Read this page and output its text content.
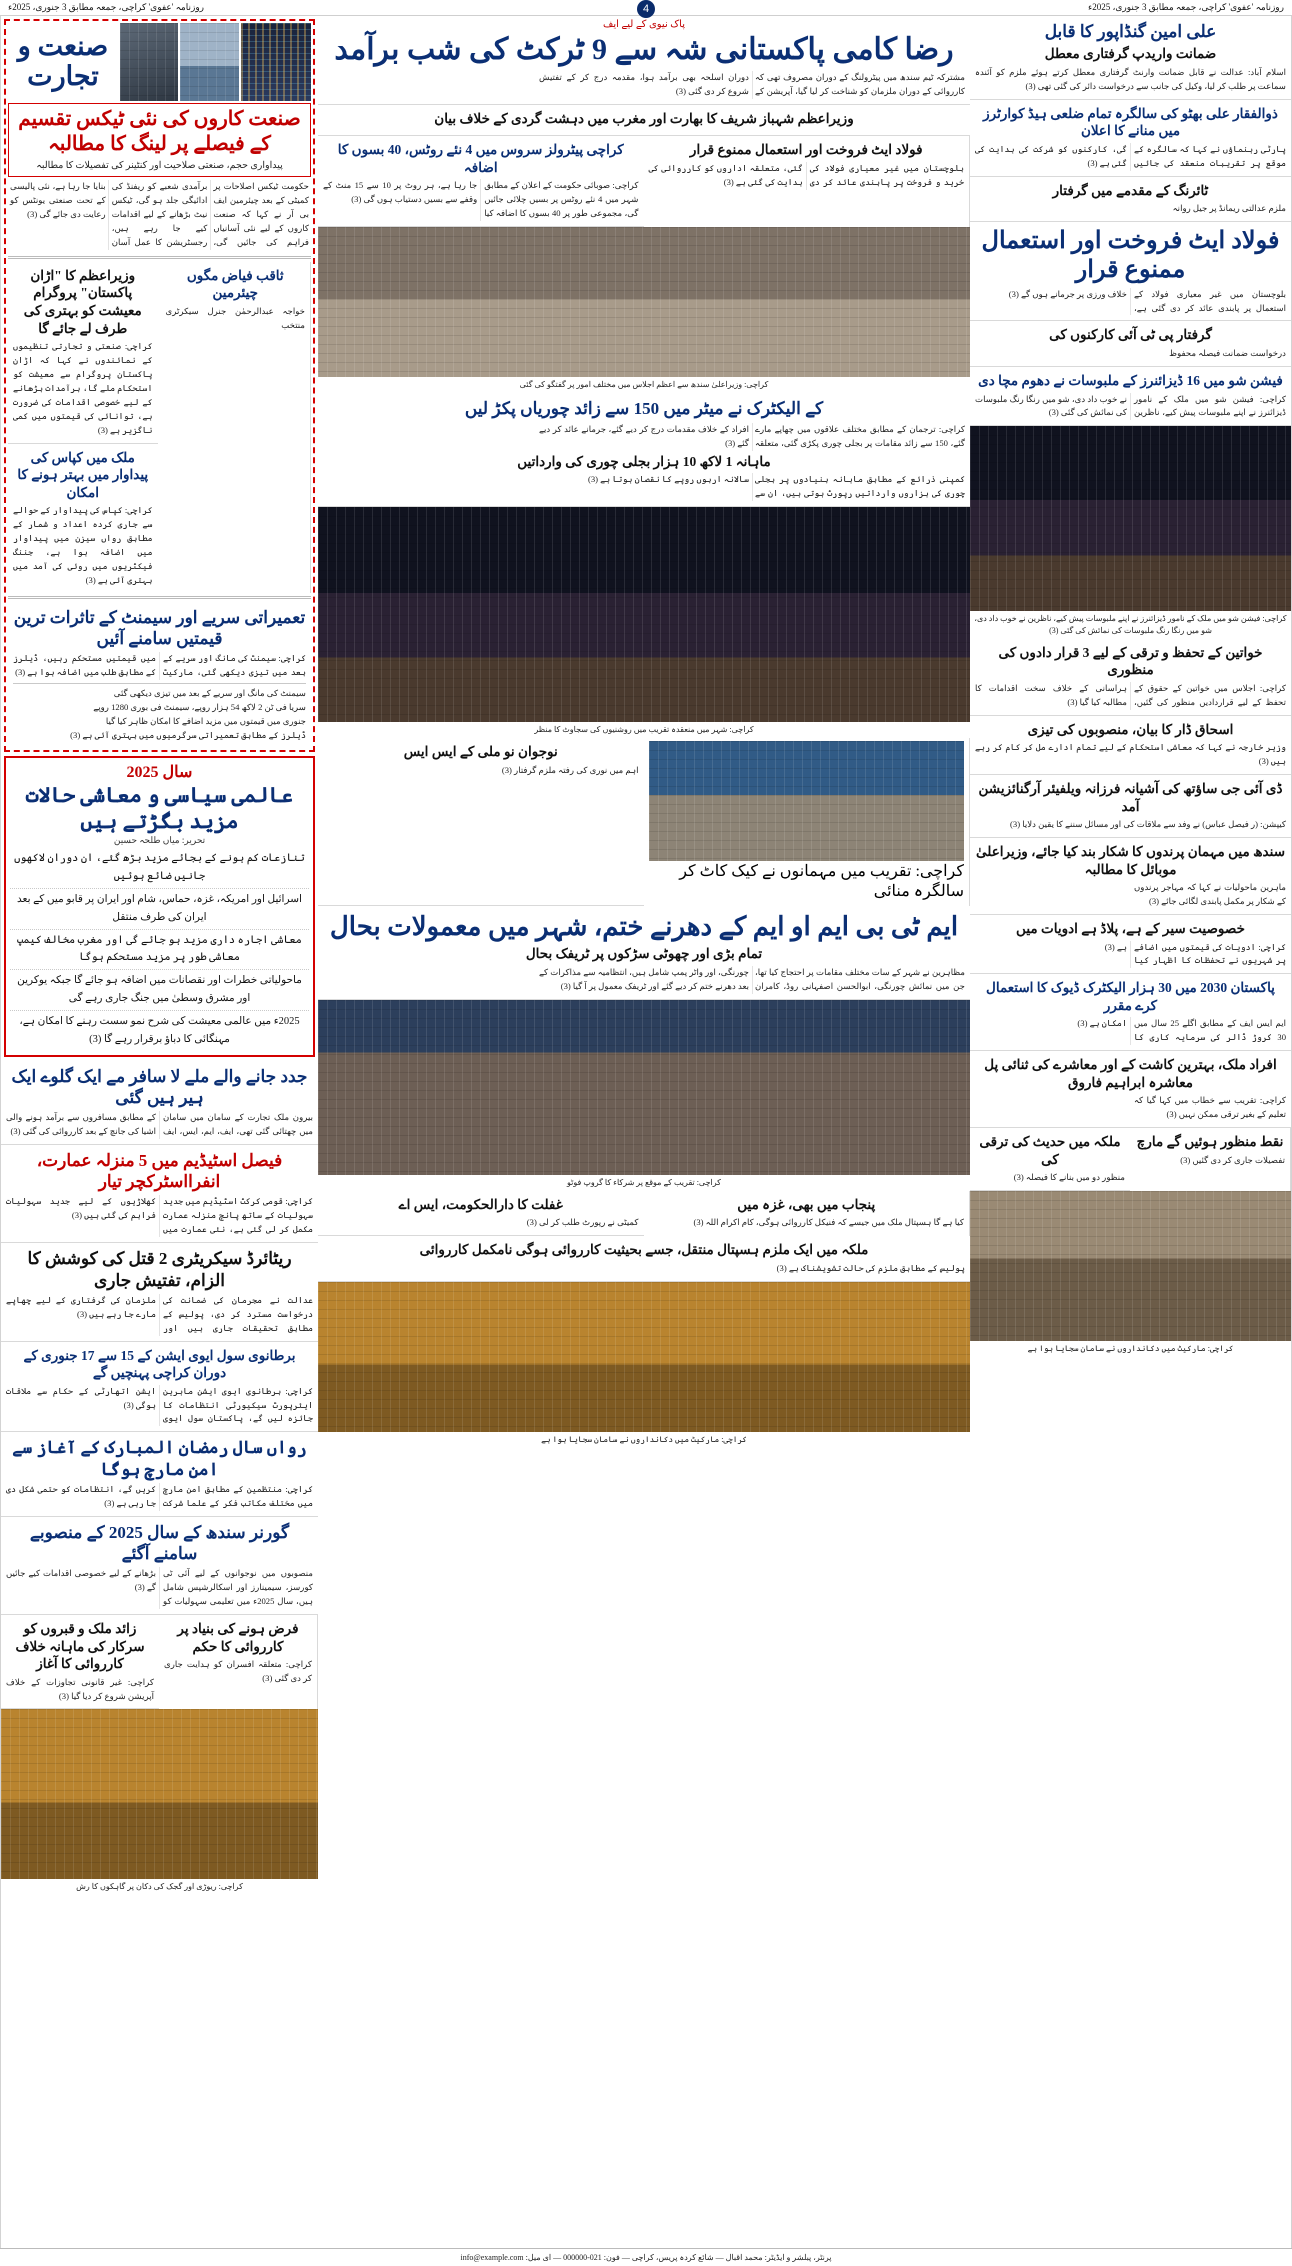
روزنامہ 'عفوی' کراچی، جمعہ مطابق 3 جنوری، 2025ء
روزنامہ 'عفوی' کراچی، جمعہ مطابق 3 جنوری، 2025ء	4
صنعت و تجارت
صنعت کاروں کی نئی ٹیکس تقسیم کے فیصلے پر لینگ کا مطالبہ
پیداواری حجم، صنعتی صلاحیت اور کنٹینر کی تفصیلات کا مطالبہ
حکومت ٹیکس اصلاحات پر کمیٹی کے بعد چیئرمین ایف بی آر نے کہا کہ صنعت کاروں کے لیے نئی آسانیاں فراہم کی جائیں گی، برآمدی شعبے کو ریفنڈ کی ادائیگی جلد ہو گی، ٹیکس نیٹ بڑھانے کے لیے اقدامات کیے جا رہے ہیں، رجسٹریشن کا عمل آسان بنایا جا رہا ہے، نئی پالیسی کے تحت صنعتی یونٹس کو رعایت دی جائے گی (3)
وزیراعظم کا "اڑان پاکستان" پروگرام معیشت کو بہتری کی طرف لے جائے گا
کراچی: صنعتی و تجارتی تنظیموں کے نمائندوں نے کہا کہ اڑان پاکستان پروگرام سے معیشت کو استحکام ملے گا، برآمدات بڑھانے کے لیے خصوصی اقدامات کی ضرورت ہے، توانائی کی قیمتوں میں کمی ناگزیر ہے (3)
ملک میں کپاس کی پیداوار میں بہتر ہونے کا امکان
کراچی: کپاس کی پیداوار کے حوالے سے جاری کردہ اعداد و شمار کے مطابق رواں سیزن میں پیداوار میں اضافہ ہوا ہے، جننگ فیکٹریوں میں روئی کی آمد میں بہتری آئی ہے (3)
ثاقب فیاض مگوں چیئرمین
خواجہ عبدالرحمٰن جنرل سیکرٹری منتخب
تعمیراتی سریے اور سیمنٹ کے تاثرات ترین قیمتیں سامنے آئیں
کراچی: سیمنٹ کی مانگ اور سریے کے بعد میں تیزی دیکھی گئی، مارکیٹ میں قیمتیں مستحکم رہیں، ڈیلرز کے مطابق طلب میں اضافہ ہوا ہے (3)
سیمنٹ کی مانگ اور سریے کے بعد میں تیزی دیکھی گئی
سریا فی ٹن 2 لاکھ 54 ہزار روپے، سیمنٹ فی بوری 1280 روپے
جنوری میں قیمتوں میں مزید اضافے کا امکان ظاہر کیا گیا
ڈیلرز کے مطابق تعمیراتی سرگرمیوں میں بہتری آئی ہے (3)
سال 2025
عالمی سیاسی و معاشی حالات مزید بگڑتے ہیں
تحریر: میاں طلحہ حسین
تنازعات کم ہونے کے بجائے مزید بڑھ گئے، ان دوران لاکھوں جانیں ضائع ہوئیں
اسرائیل اور امریکہ، غزہ، حماس، شام اور ایران پر قابو میں کے بعد ایران کی طرف منتقل
معاشی اجارہ داری مزید ہو جائے گی اور مغرب مخالف کیمپ معاشی طور پر مزید مستحکم ہوگا
ماحولیاتی خطرات اور نقصانات میں اضافہ ہو جائے گا جبکہ یوکرین اور مشرق وسطیٰ میں جنگ جاری رہے گی
2025ء میں عالمی معیشت کی شرح نمو سست رہنے کا امکان ہے، مہنگائی کا دباؤ برقرار رہے گا (3)
جدد جانے والے ملے لا سافر مے ایک گلوے ایک ہیر ہیں گئی
بیرون ملک تجارت کے سامان میں سامان میں چھتائی گئی تھی، ایف، ایم، ایس، ایف کے مطابق مسافروں سے برآمد ہونے والی اشیا کی جانچ کے بعد کارروائی کی گئی (3)
فیصل اسٹیڈیم میں 5 منزلہ عمارت، انفرااسٹرکچر تیار
کراچی: قومی کرکٹ اسٹیڈیم میں جدید سہولیات کے ساتھ پانچ منزلہ عمارت مکمل کر لی گئی ہے، نئی عمارت میں کھلاڑیوں کے لیے جدید سہولیات فراہم کی گئی ہیں (3)
ریٹائرڈ سیکریٹری 2 قتل کی کوشش کا الزام، تفتیش جاری
عدالت نے مجرمان کی ضمانت کی درخواست مسترد کر دی، پولیس کے مطابق تحقیقات جاری ہیں اور ملزمان کی گرفتاری کے لیے چھاپے مارے جا رہے ہیں (3)
برطانوی سول ایوی ایشن کے 15 سے 17 جنوری کے دوران کراچی پہنچیں گے
کراچی: برطانوی ایوی ایشن ماہرین ایئرپورٹ سیکیورٹی انتظامات کا جائزہ لیں گے، پاکستان سول ایوی ایشن اتھارٹی کے حکام سے ملاقات ہوگی (3)
رواں سال رمضان المبارک کے آغاز سے امن مارچ ہوگا
کراچی: منتظمین کے مطابق امن مارچ میں مختلف مکاتب فکر کے علما شرکت کریں گے، انتظامات کو حتمی شکل دی جا رہی ہے (3)
گورنر سندھ کے سال 2025 کے منصوبے سامنے آگئے
منصوبوں میں نوجوانوں کے لیے آئی ٹی کورسز، سیمینارز اور اسکالرشپس شامل ہیں، سال 2025ء میں تعلیمی سہولیات کو بڑھانے کے لیے خصوصی اقدامات کیے جائیں گے (3)
زائد ملک و قبروں کو سرکار کی ماہانہ خلاف کارروائی کا آغاز
کراچی: غیر قانونی تجاوزات کے خلاف آپریشن شروع کر دیا گیا (3)
فرض ہونے کی بنیاد پر کارروائی کا حکم
کراچی: متعلقہ افسران کو ہدایت جاری کر دی گئی (3)
کراچی: ریوڑی اور گجک کی دکان پر گاہکوں کا رش
پاک نیوی کے لیے ایف
رضا کامی پاکستانی شہ سے 9 ٹرکٹ کی شب برآمد
مشترکہ ٹیم سندھ میں پیٹرولنگ کے دوران مصروف تھی کہ کارروائی کے دوران ملزمان کو شناخت کر لیا گیا، آپریشن کے دوران اسلحہ بھی برآمد ہوا، مقدمہ درج کر کے تفتیش شروع کر دی گئی (3)
وزیراعظم شہباز شریف کا بھارت اور مغرب میں دہشت گردی کے خلاف بیان
کراچی پیٹرولز سروس میں 4 نئے روٹس، 40 بسوں کا اضافہ
کراچی: صوبائی حکومت کے اعلان کے مطابق شہر میں 4 نئے روٹس پر بسیں چلائی جائیں گی، مجموعی طور پر 40 بسوں کا اضافہ کیا جا رہا ہے، ہر روٹ پر 10 سے 15 منٹ کے وقفے سے بسیں دستیاب ہوں گی (3)
فولاد ایٹ فروخت اور استعمال ممنوع قرار
بلوچستان میں غیر معیاری فولاد کی خرید و فروخت پر پابندی عائد کر دی گئی، متعلقہ اداروں کو کارروائی کی ہدایت کی گئی ہے (3)
کراچی: وزیراعلیٰ سندھ سے اعظم اجلاس میں مختلف امور پر گفتگو کی گئی
کے الیکٹرک نے میٹر میں 150 سے زائد چوریاں پکڑ لیں
کراچی: ترجمان کے مطابق مختلف علاقوں میں چھاپے مارے گئے، 150 سے زائد مقامات پر بجلی چوری پکڑی گئی، متعلقہ افراد کے خلاف مقدمات درج کر دیے گئے، جرمانے عائد کر دیے گئے (3)
ماہانہ 1 لاکھ 10 ہزار بجلی چوری کی وارداتیں
کمپنی ذرائع کے مطابق ماہانہ بنیادوں پر بجلی چوری کی ہزاروں وارداتیں رپورٹ ہوتی ہیں، ان سے سالانہ اربوں روپے کا نقصان ہوتا ہے (3)
کراچی: شہر میں منعقدہ تقریب میں روشنیوں کی سجاوٹ کا منظر
نوجوان نو ملی کے ایس ایس
اہم میں نوری کی رفتہ ملزم گرفتار (3)
کراچی: تقریب میں مہمانوں نے کیک کاٹ کر سالگرہ منائی
ایم ٹی بی ایم او ایم کے دھرنے ختم، شہر میں معمولات بحال
تمام بڑی اور چھوٹی سڑکوں پر ٹریفک بحال
مظاہرین نے شہر کے سات مختلف مقامات پر احتجاج کیا تھا، جن میں نمائش چورنگی، ابوالحسن اصفہانی روڈ، کامران چورنگی، اور واٹر پمپ شامل ہیں، انتظامیہ سے مذاکرات کے بعد دھرنے ختم کر دیے گئے اور ٹریفک معمول پر آ گیا (3)
کراچی: تقریب کے موقع پر شرکاء کا گروپ فوٹو
غفلت کا دارالحکومت، ایس اے
کمیٹی نے رپورٹ طلب کر لی (3)
پنجاب میں بھی، غزہ میں
کیا ہے گا ہسپتال ملک میں جیسے کہ فنیکل کارروائی ہوگی، کام اکرام اللہ (3)
ملکہ میں ایک ملزم ہسپتال منتقل، جسے بحیثیت کارروائی ہوگی نامکمل کارروائی
پولیس کے مطابق ملزم کی حالت تشویشناک ہے (3)
کراچی: مارکیٹ میں دکانداروں نے سامان سجایا ہوا ہے
علی امین گنڈاپور کا قابل
ضمانت واریدپ گرفتاری معطل
اسلام آباد: عدالت نے قابل ضمانت وارنٹ گرفتاری معطل کرتے ہوئے ملزم کو آئندہ سماعت پر طلب کر لیا، وکیل کی جانب سے درخواست دائر کی گئی تھی (3)
ذوالفقار علی بھٹو کی سالگرہ تمام ضلعی ہیڈ کوارٹرز میں منانے کا اعلان
پارٹی رہنماؤں نے کہا کہ سالگرہ کے موقع پر تقریبات منعقد کی جائیں گی، کارکنوں کو شرکت کی ہدایت کی گئی ہے (3)
ٹائرنگ کے مقدمے میں گرفتار
ملزم عدالتی ریمانڈ پر جیل روانہ
فولاد ایٹ فروخت اور استعمال ممنوع قرار
بلوچستان میں غیر معیاری فولاد کے استعمال پر پابندی عائد کر دی گئی ہے، خلاف ورزی پر جرمانے ہوں گے (3)
گرفتار پی ٹی آئی کارکنوں کی
درخواست ضمانت فیصلہ محفوظ
فیشن شو میں 16 ڈیزائنرز کے ملبوسات نے دھوم مچا دی
کراچی: فیشن شو میں ملک کے نامور ڈیزائنرز نے اپنے ملبوسات پیش کیے، ناظرین نے خوب داد دی، شو میں رنگا رنگ ملبوسات کی نمائش کی گئی (3)
کراچی: فیشن شو میں ملک کے نامور ڈیزائنرز نے اپنے ملبوسات پیش کیے، ناظرین نے خوب داد دی، شو میں رنگا رنگ ملبوسات کی نمائش کی گئی (3)
خواتین کے تحفظ و ترقی کے لیے 3 قرار دادوں کی منظوری
کراچی: اجلاس میں خواتین کے حقوق کے تحفظ کے لیے قراردادیں منظور کی گئیں، ہراسانی کے خلاف سخت اقدامات کا مطالبہ کیا گیا (3)
اسحاق ڈار کا بیان، منصوبوں کی تیزی
وزیر خارجہ نے کہا کہ معاشی استحکام کے لیے تمام ادارے مل کر کام کر رہے ہیں (3)
ڈی آئی جی ساؤتھ کی آشیانہ فرزانہ ویلفیئر آرگنائزیشن آمد
کیپشن: (ر فیصل عباس) نے وفد سے ملاقات کی اور مسائل سننے کا یقین دلایا (3)
سندھ میں مہمان پرندوں کا شکار بند کیا جائے، وزیراعلیٰ موبائل کا مطالبہ
ماہرین ماحولیات نے کہا کہ مہاجر پرندوں کے شکار پر مکمل پابندی لگائی جائے (3)
خصوصیت سیر کے ہے، پلاڈ ہے ادویات میں
کراچی: ادویات کی قیمتوں میں اضافے پر شہریوں نے تحفظات کا اظہار کیا ہے (3)
پاکستان 2030 میں 30 ہزار الیکٹرک ڈیوک کا استعمال کرے مقرر
ایم ایس ایف کے مطابق اگلے 25 سال میں 30 کروڑ ڈالر کی سرمایہ کاری کا امکان ہے (3)
افراد ملک، بہترین کاشت کے اور معاشرے کی ثنائی پل معاشرہ ابراہیم فاروق
کراچی: تقریب سے خطاب میں کہا گیا کہ تعلیم کے بغیر ترقی ممکن نہیں (3)
ملکہ میں حدیث کی ترقی کی
منظور دو میں بنانے کا فیصلہ (3)
نقط منظور ہوئیں گے مارچ
تفصیلات جاری کر دی گئیں (3)
کراچی: مارکیٹ میں دکانداروں نے سامان سجایا ہوا ہے
پرنٹر، پبلشر و ایڈیٹر: محمد اقبال — شائع کردہ پریس، کراچی — فون: 021-000000 — ای میل: info@example.com
